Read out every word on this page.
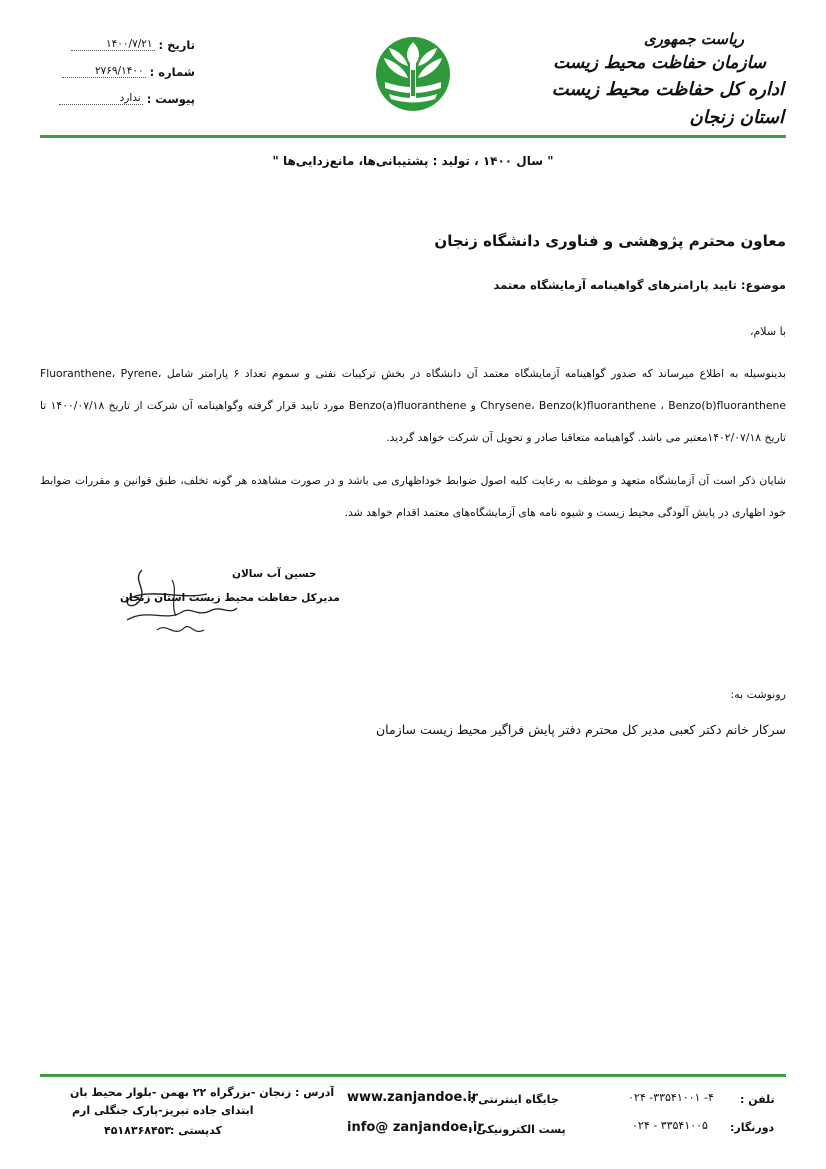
ریاست جمهوری
سازمان حفاظت محیط زیست
اداره کل حفاظت محیط زیست استان زنجان
تاریخ :
۱۴۰۰/۷/۲۱
شماره :
۲۷۶۹/۱۴۰۰
پیوست :
ندارد
" سال ۱۴۰۰ ، تولید : پشتیبانی‌ها، مانع‌زدایی‌ها "
معاون محترم پژوهشی و فناوری دانشگاه زنجان
موضوع: تایید پارامترهای گواهینامه آزمایشگاه معتمد
با سلام،
بدینوسیله به اطلاع میرساند که صدور گواهینامه آزمایشگاه معتمد آن دانشگاه در بخش ترکیبات نفتی و سموم تعداد ۶ پارامتر شامل Fluoranthene، Pyrene، Chrysene، Benzo(k)fluoranthene ، Benzo(b)fluoranthene و Benzo(a)fluoranthene مورد تایید قرار گرفته وگواهینامه آن شرکت از تاریخ ۱۴۰۰/۰۷/۱۸ تا تاریخ ۱۴۰۲/۰۷/۱۸معتبر می باشد. گواهینامه متعاقبا صادر و تحویل آن شرکت خواهد گردید.
شایان ذکر است آن آزمایشگاه متعهد و موظف به رعایت کلیه اصول ضوابط خوداظهاری می باشد و در صورت مشاهده هر گونه تخلف، طبق قوانین و مقررات ضوابط خود اظهاری در پایش آلودگی محیط زیست و شیوه نامه های آزمایشگاه‌های معتمد اقدام خواهد شد.
حسین آب سالان
مدیرکل حفاظت محیط زیست استان زنجان
رونوشت به:
سرکار خانم دکتر کعبی مدیر کل محترم دفتر پایش فراگیر محیط زیست سازمان
آدرس : زنجان -بزرگراه ۲۲ بهمن -بلوار محیط بان
ابتدای جاده تبریز-پارک جنگلی ارم
کدپستی :
۴۵۱۸۳۶۸۴۵۳
جایگاه اینترنتی :
www.zanjandoe.ir
پست الکترونیکی :
info@ zanjandoe.ir
تلفن :
۴- ۳۳۵۴۱۰۰۱- ۰۲۴
دورنگار:
۳۳۵۴۱۰۰۵ - ۰۲۴
